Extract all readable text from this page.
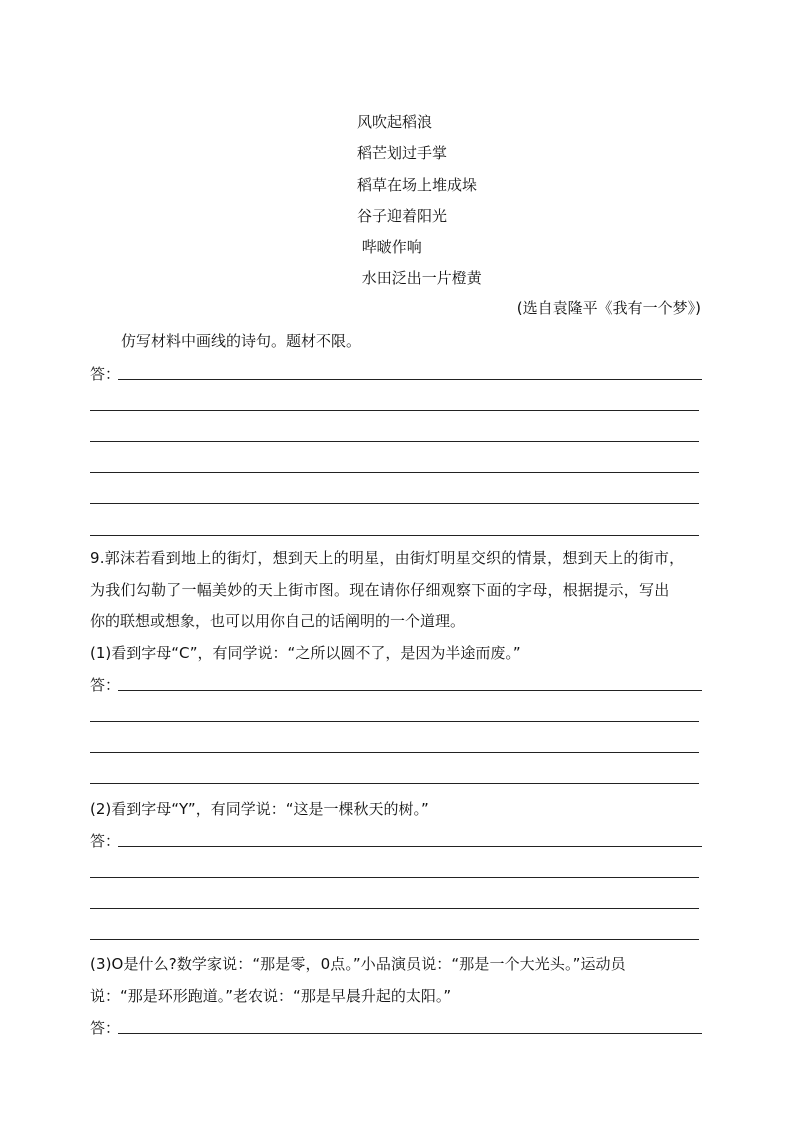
风吹起稻浪
稻芒划过手掌
稻草在场上堆成垛
谷子迎着阳光
哔啵作响
水田泛出一片橙黄
(选自袁隆平《我有一个梦》)
仿写材料中画线的诗句。题材不限。
答：
9.郭沫若看到地上的街灯，想到天上的明星，由街灯明星交织的情景，想到天上的街市，
为我们勾勒了一幅美妙的天上街市图。现在请你仔细观察下面的字母，根据提示，写出
你的联想或想象，也可以用你自己的话阐明的一个道理。
(1)看到字母“C”，有同学说：“之所以圆不了，是因为半途而废。”
答：
(2)看到字母“Y”，有同学说：“这是一棵秋天的树。”
答：
(3)O是什么?数学家说：“那是零，0点。”小品演员说：“那是一个大光头。”运动员
说：“那是环形跑道。”老农说：“那是早晨升起的太阳。”
答：
